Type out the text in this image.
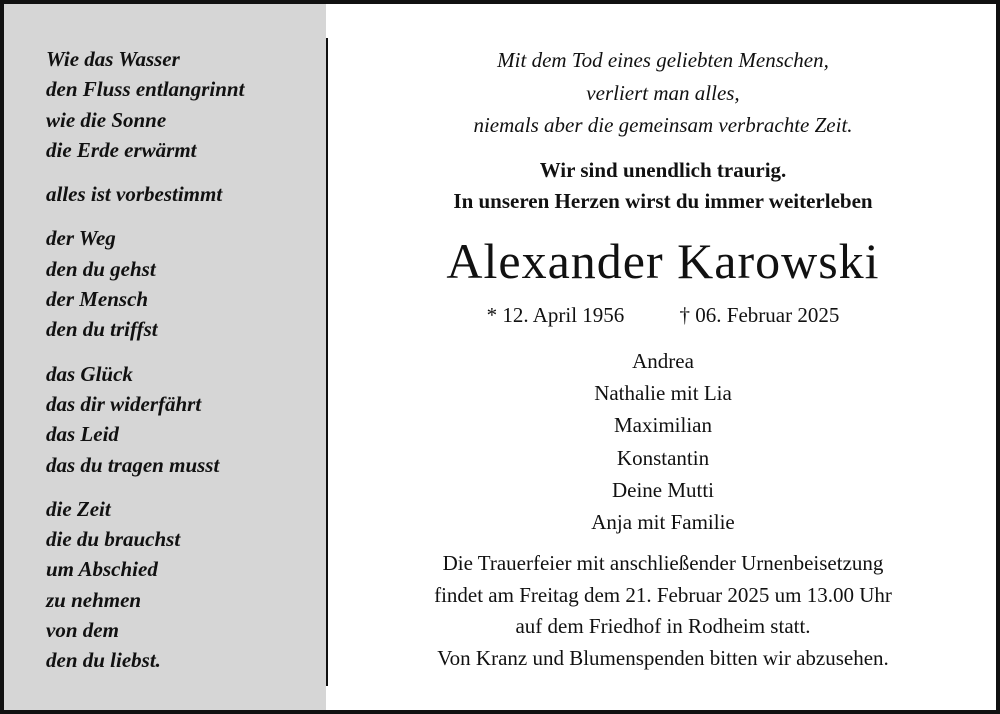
Wie das Wasser
den Fluss entlangrinnt
wie die Sonne
die Erde erwärmt
alles ist vorbestimmt
der Weg
den du gehst
der Mensch
den du triffst
das Glück
das dir widerfährt
das Leid
das du tragen musst
die Zeit
die du brauchst
um Abschied
zu nehmen
von dem
den du liebst.
Mit dem Tod eines geliebten Menschen,
verliert man alles,
niemals aber die gemeinsam verbrachte Zeit.
Wir sind unendlich traurig.
In unseren Herzen wirst du immer weiterleben
Alexander Karowski
* 12. April 1956	† 06. Februar 2025
Andrea
Nathalie mit Lia
Maximilian
Konstantin
Deine Mutti
Anja mit Familie
Die Trauerfeier mit anschließender Urnenbeisetzung
findet am Freitag dem 21. Februar 2025 um 13.00 Uhr
auf dem Friedhof in Rodheim statt.
Von Kranz und Blumenspenden bitten wir abzusehen.
